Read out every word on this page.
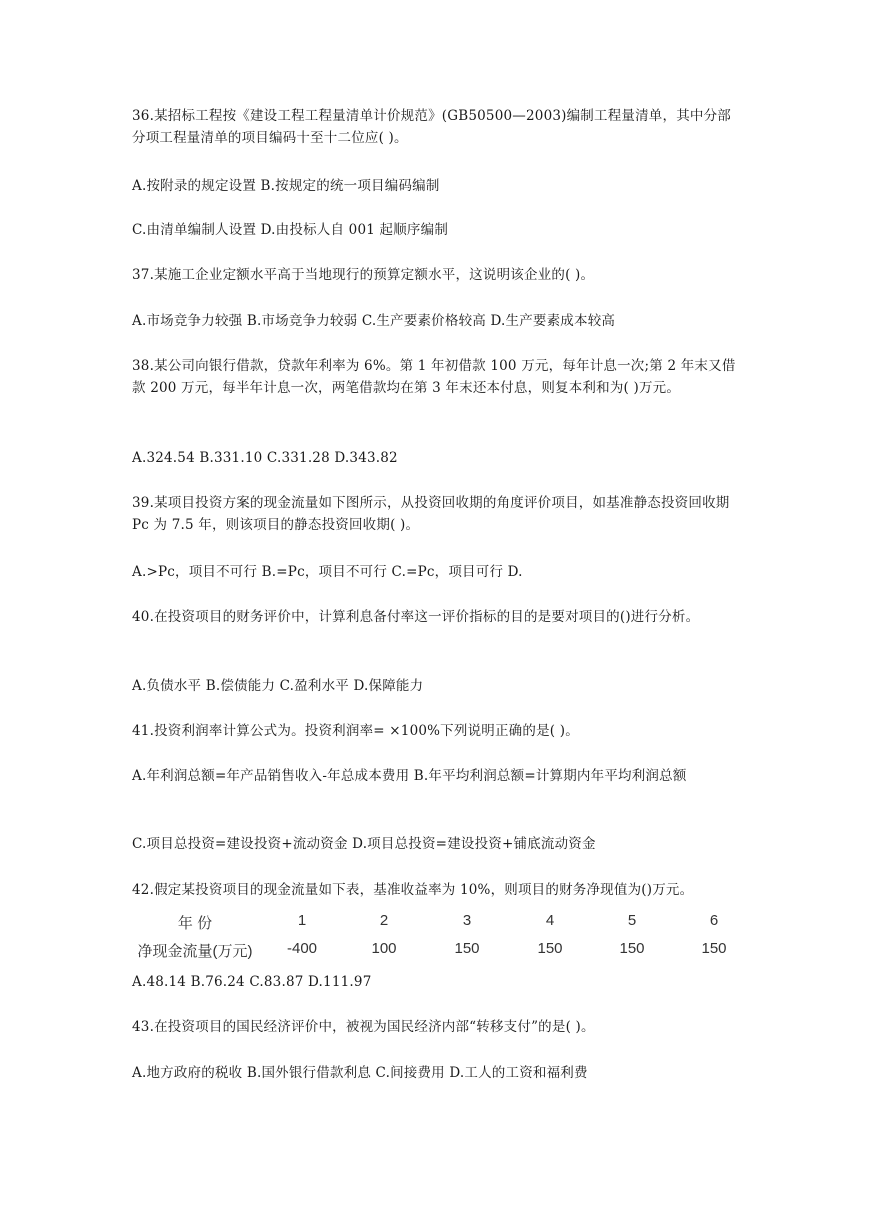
36.某招标工程按《建设工程工程量清单计价规范》(GB50500—2003)编制工程量清单，其中分部分项工程量清单的项目编码十至十二位应( )。

A.按附录的规定设置 B.按规定的统一项目编码编制

C.由清单编制人设置 D.由投标人自 001 起顺序编制

37.某施工企业定额水平高于当地现行的预算定额水平，这说明该企业的( )。

A.市场竞争力较强 B.市场竞争力较弱 C.生产要素价格较高 D.生产要素成本较高

38.某公司向银行借款，贷款年利率为 6%。第 1 年初借款 100 万元，每年计息一次;第 2 年末又借款 200 万元，每半年计息一次，两笔借款均在第 3 年末还本付息，则复本利和为( )万元。

A.324.54 B.331.10 C.331.28 D.343.82

39.某项目投资方案的现金流量如下图所示，从投资回收期的角度评价项目，如基准静态投资回收期 Pc 为 7.5 年，则该项目的静态投资回收期( )。

A.>Pc，项目不可行 B.=Pc，项目不可行 C.=Pc，项目可行 D.

40.在投资项目的财务评价中，计算利息备付率这一评价指标的目的是要对项目的()进行分析。

A.负债水平 B.偿债能力 C.盈利水平 D.保障能力

41.投资利润率计算公式为。投资利润率= ×100%下列说明正确的是( )。

A.年利润总额=年产品销售收入-年总成本费用 B.年平均利润总额=计算期内年平均利润总额

C.项目总投资=建设投资+流动资金 D.项目总投资=建设投资+铺底流动资金

42.假定某投资项目的现金流量如下表，基准收益率为 10%，则项目的财务净现值为()万元。

年 份	1	2	3	4	5	6
净现金流量(万元)	-400	100	150	150	150	150

A.48.14 B.76.24 C.83.87 D.111.97

43.在投资项目的国民经济评价中，被视为国民经济内部“转移支付”的是( )。

A.地方政府的税收 B.国外银行借款利息 C.间接费用 D.工人的工资和福利费
